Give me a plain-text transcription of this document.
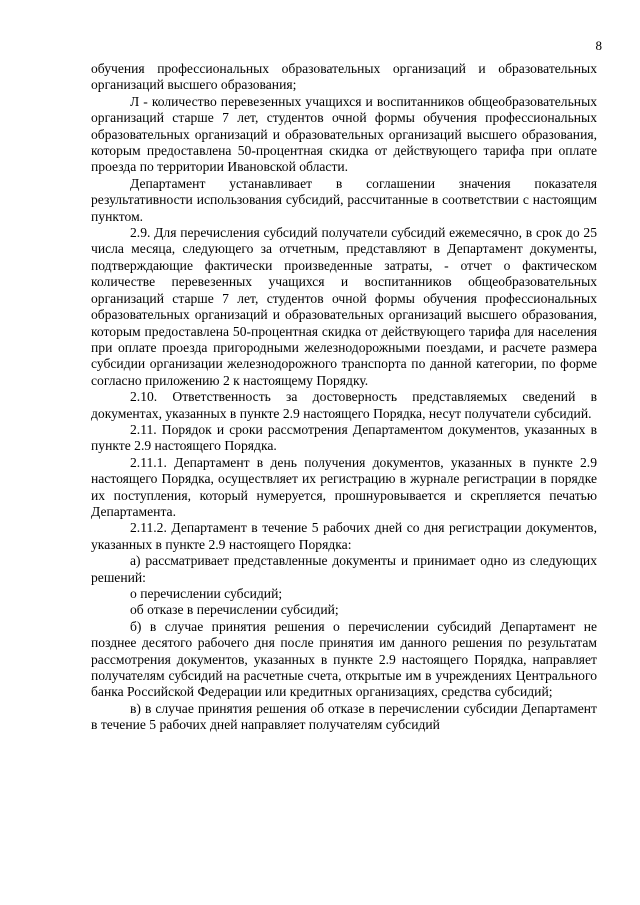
8

обучения профессиональных образовательных организаций и образовательных организаций высшего образования;

Л - количество перевезенных учащихся и воспитанников общеобразовательных организаций старше 7 лет, студентов очной формы обучения профессиональных образовательных организаций и образовательных организаций высшего образования, которым предоставлена 50-процентная скидка от действующего тарифа при оплате проезда по территории Ивановской области.

Департамент устанавливает в соглашении значения показателя результативности использования субсидий, рассчитанные в соответствии с настоящим пунктом.

2.9. Для перечисления субсидий получатели субсидий ежемесячно, в срок до 25 числа месяца, следующего за отчетным, представляют в Департамент документы, подтверждающие фактически произведенные затраты, - отчет о фактическом количестве перевезенных учащихся и воспитанников общеобразовательных организаций старше 7 лет, студентов очной формы обучения профессиональных образовательных организаций и образовательных организаций высшего образования, которым предоставлена 50-процентная скидка от действующего тарифа для населения при оплате проезда пригородными железнодорожными поездами, и расчете размера субсидии организации железнодорожного транспорта по данной категории, по форме согласно приложению 2 к настоящему Порядку.

2.10. Ответственность за достоверность представляемых сведений в документах, указанных в пункте 2.9 настоящего Порядка, несут получатели субсидий.

2.11. Порядок и сроки рассмотрения Департаментом документов, указанных в пункте 2.9 настоящего Порядка.

2.11.1. Департамент в день получения документов, указанных в пункте 2.9 настоящего Порядка, осуществляет их регистрацию в журнале регистрации в порядке их поступления, который нумеруется, прошнуровывается и скрепляется печатью Департамента.

2.11.2. Департамент в течение 5 рабочих дней со дня регистрации документов, указанных в пункте 2.9 настоящего Порядка:

а) рассматривает представленные документы и принимает одно из следующих решений:

о перечислении субсидий;

об отказе в перечислении субсидий;

б) в случае принятия решения о перечислении субсидий Департамент не позднее десятого рабочего дня после принятия им данного решения по результатам рассмотрения документов, указанных в пункте 2.9 настоящего Порядка, направляет получателям субсидий на расчетные счета, открытые им в учреждениях Центрального банка Российской Федерации или кредитных организациях, средства субсидий;

в) в случае принятия решения об отказе в перечислении субсидии Департамент в течение 5 рабочих дней направляет получателям субсидий
